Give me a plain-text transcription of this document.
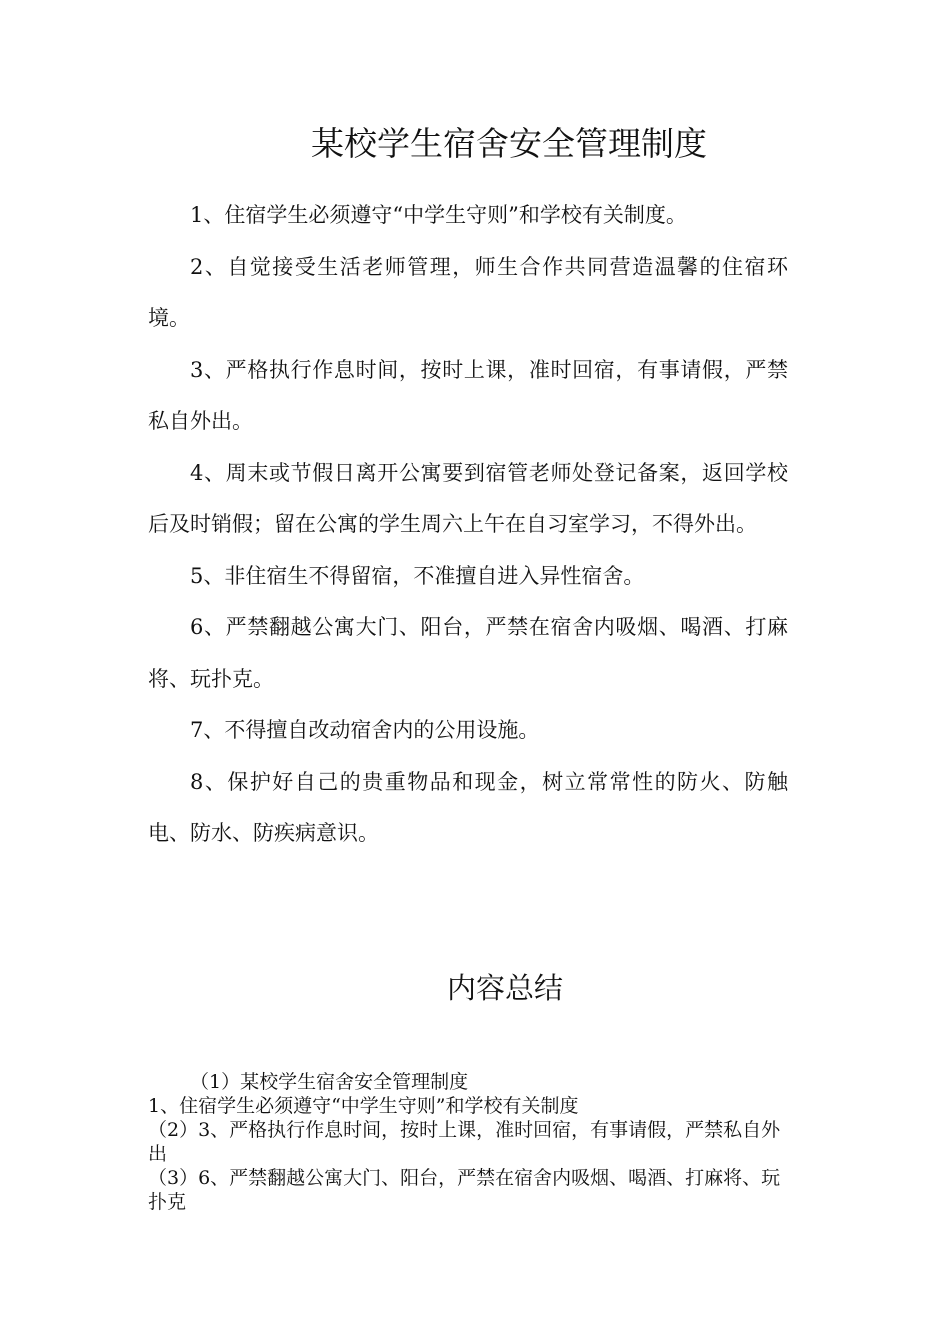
某校学生宿舍安全管理制度

1、住宿学生必须遵守“中学生守则”和学校有关制度。

2、自觉接受生活老师管理，师生合作共同营造温馨的住宿环境。

3、严格执行作息时间，按时上课，准时回宿，有事请假，严禁私自外出。

4、周末或节假日离开公寓要到宿管老师处登记备案，返回学校后及时销假；留在公寓的学生周六上午在自习室学习，不得外出。

5、非住宿生不得留宿，不准擅自进入异性宿舍。

6、严禁翻越公寓大门、阳台，严禁在宿舍内吸烟、喝酒、打麻将、玩扑克。

7、不得擅自改动宿舍内的公用设施。

8、保护好自己的贵重物品和现金，树立常常性的防火、防触电、防水、防疾病意识。

内容总结

（1）某校学生宿舍安全管理制度

1、住宿学生必须遵守“中学生守则”和学校有关制度

（2）3、严格执行作息时间，按时上课，准时回宿，有事请假，严禁私自外出

（3）6、严禁翻越公寓大门、阳台，严禁在宿舍内吸烟、喝酒、打麻将、玩扑克
